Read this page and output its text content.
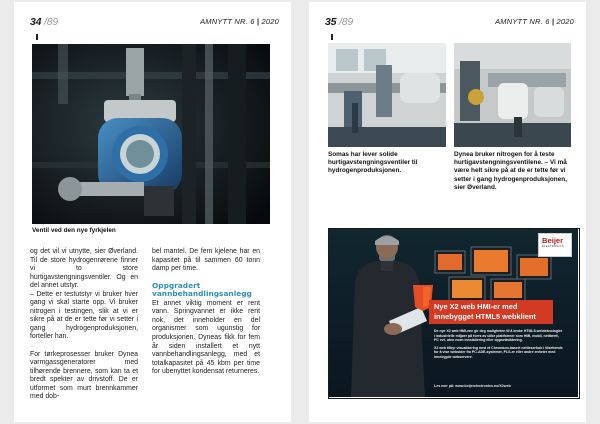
34 /89	AMNYTT NR. 6 | 2020
Ventil ved den nye fyrkjelen

og det vil vi utnytte, sier Øverland. Til de store hydrogenrørene finner vi to store hurtigavstengningsventiler. Og en del annet utstyr.

– Dette er testutstyr vi bruker hver gang vi skal starte opp. Vi bruker nitrogen i testingen, slik at vi er sikre på at de er tette før vi setter i gang hydrogenproduksjonen, forteller han.

For tørkeprosesser bruker Dynea varmgassgeneratorer med tilhørende brennere, som kan ta et bredt spekter av drivstoff. De er utformet som murt brennkammer med dob-

bel mantel. De fem kjelene har en kapasitet på til sammen 60 tonn damp per time.

Oppgradert vannbehandlingsanlegg

Et annet viktig moment er rent vann. Springvannet er ikke rent nok, det inneholder en del organismer som ugunstig for produksjonen. Dyneas fikk for fem år siden installert et nytt vannbehandlingsanlegg, med et totalkapasitet på 45 kbm per time for ubenyttet kondensat returneres.

35 /89	AMNYTT NR. 6 | 2020
Somas har lever solide hurtigavstengningsventiler til hydrogenproduksjonen.
Dynea bruker nitrogen for å teste hurtigavstengningsventilene. – Vi må være helt sikre på at de er tette før vi setter i gang hydrogenproduksjonen, sier Øverland.
Beijer
ELECTRONICS
Nye X2 web HMI-er med
innebygget HTML5 webklient
De nye X2 web HMI-ene gir deg muligheten til å bruke HTML5-webteknologier i industrielle miljøer på tvers av ulike plattformer som HMI, mobil, nettbrett, PC evt. uten noen innstallering eller oppsettsiktering.
X2 web tilbyr visualisering med et Chromium-basert nettleserhub i tilsettende for å vise websider fra PC-ADE-systemer, PLS-er eller andre enheter med innebygde webservere.
Les mer på: www.beijerelectronics.no/X2web
